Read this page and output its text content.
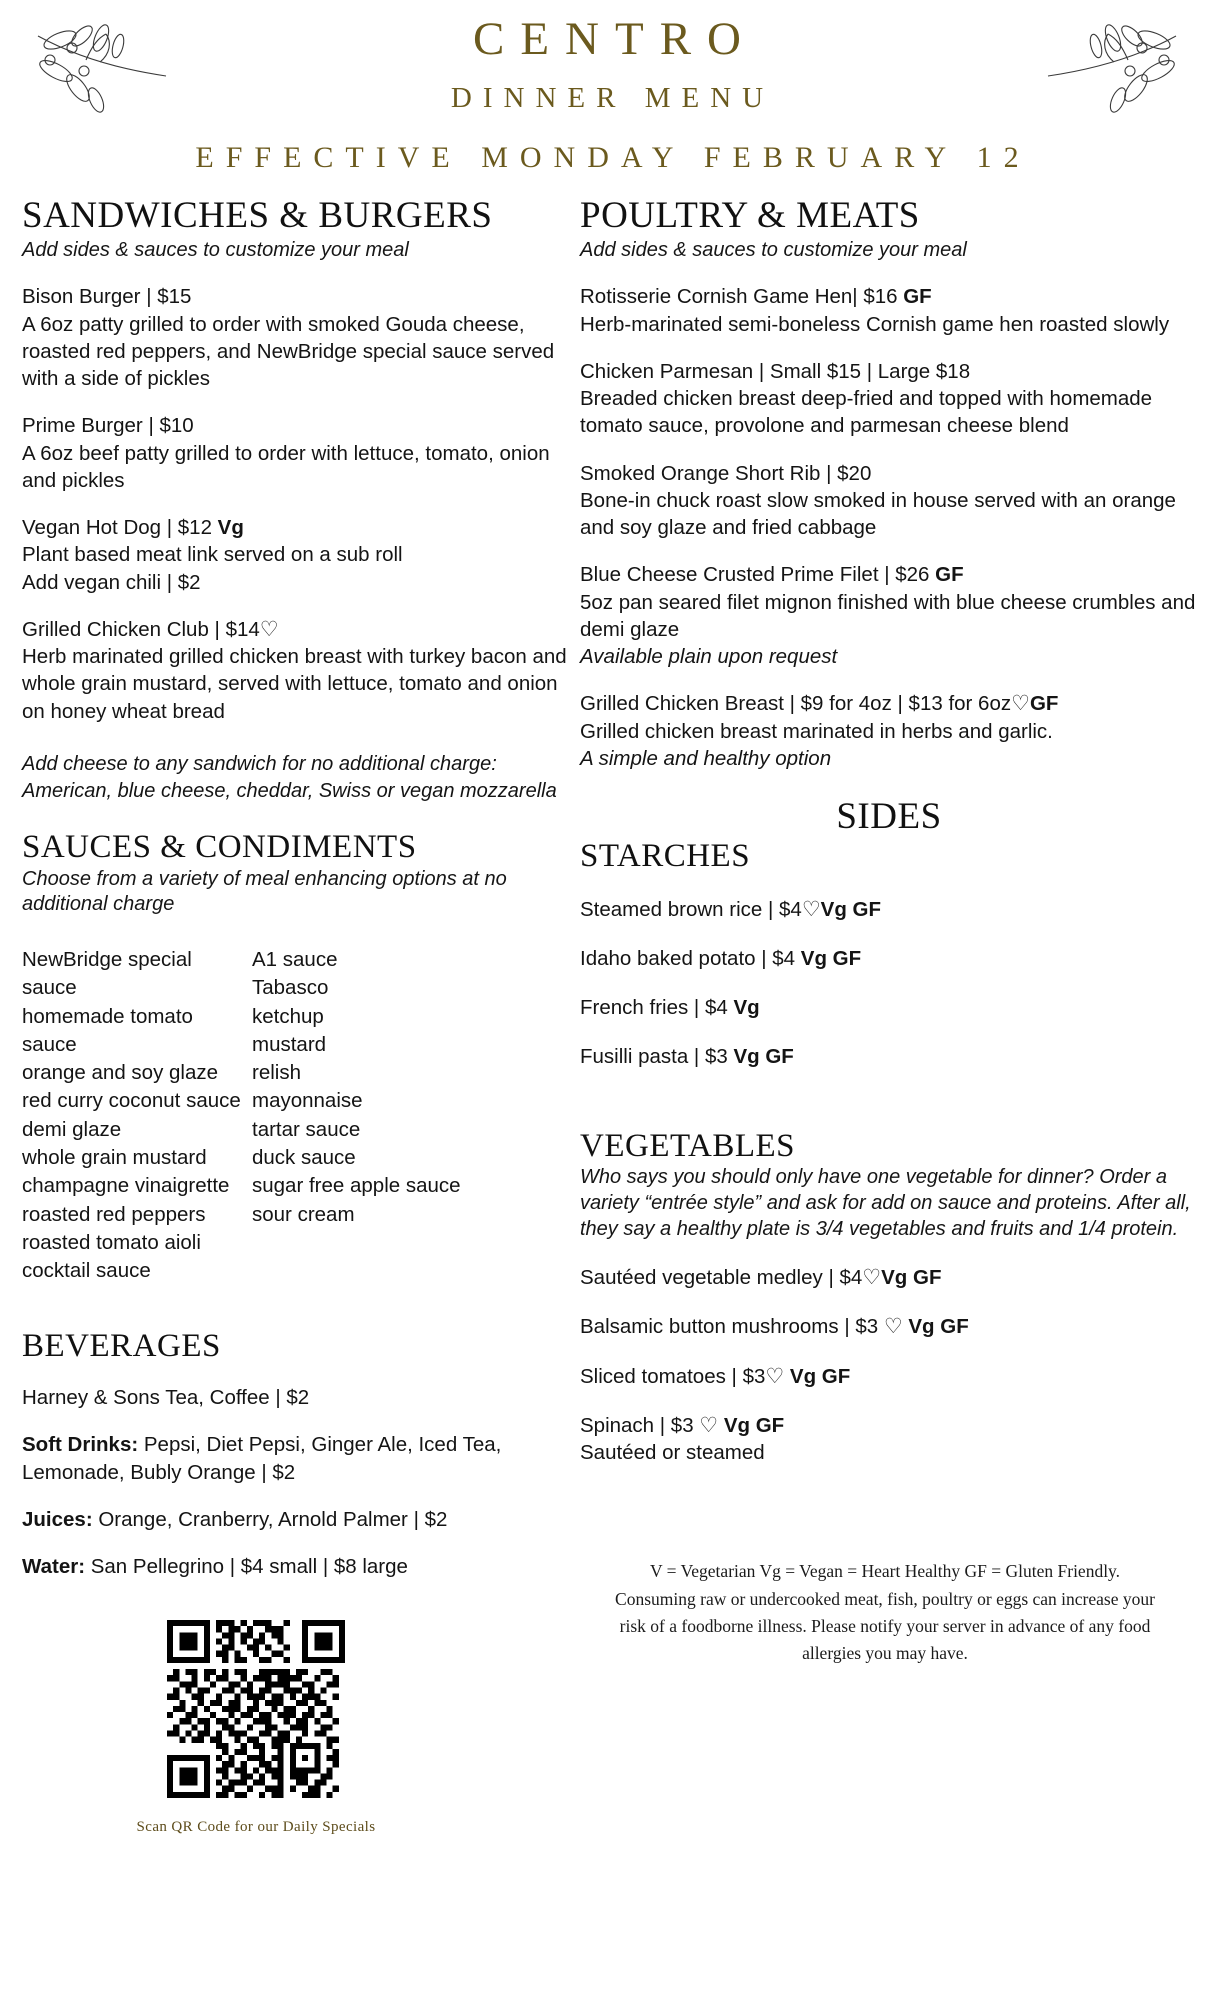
CENTRO
DINNER MENU
EFFECTIVE MONDAY FEBRUARY 12
SANDWICHES & BURGERS

Add sides & sauces to customize your meal

Bison Burger | $15
A 6oz patty grilled to order with smoked Gouda cheese, roasted red peppers, and NewBridge special sauce served with a side of pickles
Prime Burger | $10
A 6oz beef patty grilled to order with lettuce, tomato, onion and pickles
Vegan Hot Dog | $12 Vg
Plant based meat link served on a sub roll
Add vegan chili | $2
Grilled Chicken Club | $14♡
Herb marinated grilled chicken breast with turkey bacon and whole grain mustard, served with lettuce, tomato and onion on honey wheat bread
Add cheese to any sandwich for no additional charge: American, blue cheese, cheddar, Swiss or vegan mozzarella
SAUCES & CONDIMENTS

Choose from a variety of meal enhancing options at no additional charge

NewBridge special sauce
homemade tomato sauce
orange and soy glaze
red curry coconut sauce
demi glaze
whole grain mustard
champagne vinaigrette
roasted red peppers
roasted tomato aioli
cocktail sauce
A1 sauce
Tabasco
ketchup
mustard
relish
mayonnaise
tartar sauce
duck sauce
sugar free apple sauce
sour cream
BEVERAGES
Harney & Sons Tea, Coffee | $2
Soft Drinks: Pepsi, Diet Pepsi, Ginger Ale, Iced Tea, Lemonade, Bubly Orange | $2
Juices: Orange, Cranberry, Arnold Palmer | $2
Water: San Pellegrino | $4 small | $8 large
Scan QR Code for our Daily Specials
POULTRY & MEATS

Add sides & sauces to customize your meal

Rotisserie Cornish Game Hen| $16 GF
Herb-marinated semi-boneless Cornish game hen roasted slowly
Chicken Parmesan | Small $15 | Large $18
Breaded chicken breast deep-fried and topped with homemade tomato sauce, provolone and parmesan cheese blend
Smoked Orange Short Rib | $20
Bone-in chuck roast slow smoked in house served with an orange and soy glaze and fried cabbage
Blue Cheese Crusted Prime Filet | $26 GF
5oz pan seared filet mignon finished with blue cheese crumbles and demi glaze
Available plain upon request
Grilled Chicken Breast | $9 for 4oz | $13 for 6oz♡GF
Grilled chicken breast marinated in herbs and garlic.
A simple and healthy option
SIDES
STARCHES
Steamed brown rice | $4♡Vg GF
Idaho baked potato | $4 Vg GF
French fries | $4 Vg
Fusilli pasta | $3 Vg GF
VEGETABLES

Who says you should only have one vegetable for dinner? Order a variety “entrée style” and ask for add on sauce and proteins. After all, they say a healthy plate is 3/4 vegetables and fruits and 1/4 protein.

Sautéed vegetable medley | $4♡Vg GF
Balsamic button mushrooms | $3 ♡ Vg GF
Sliced tomatoes | $3♡ Vg GF
Spinach | $3 ♡ Vg GF
Sautéed or steamed
V = Vegetarian Vg = Vegan = Heart Healthy GF = Gluten Friendly. Consuming raw or undercooked meat, fish, poultry or eggs can increase your risk of a foodborne illness. Please notify your server in advance of any food allergies you may have.
